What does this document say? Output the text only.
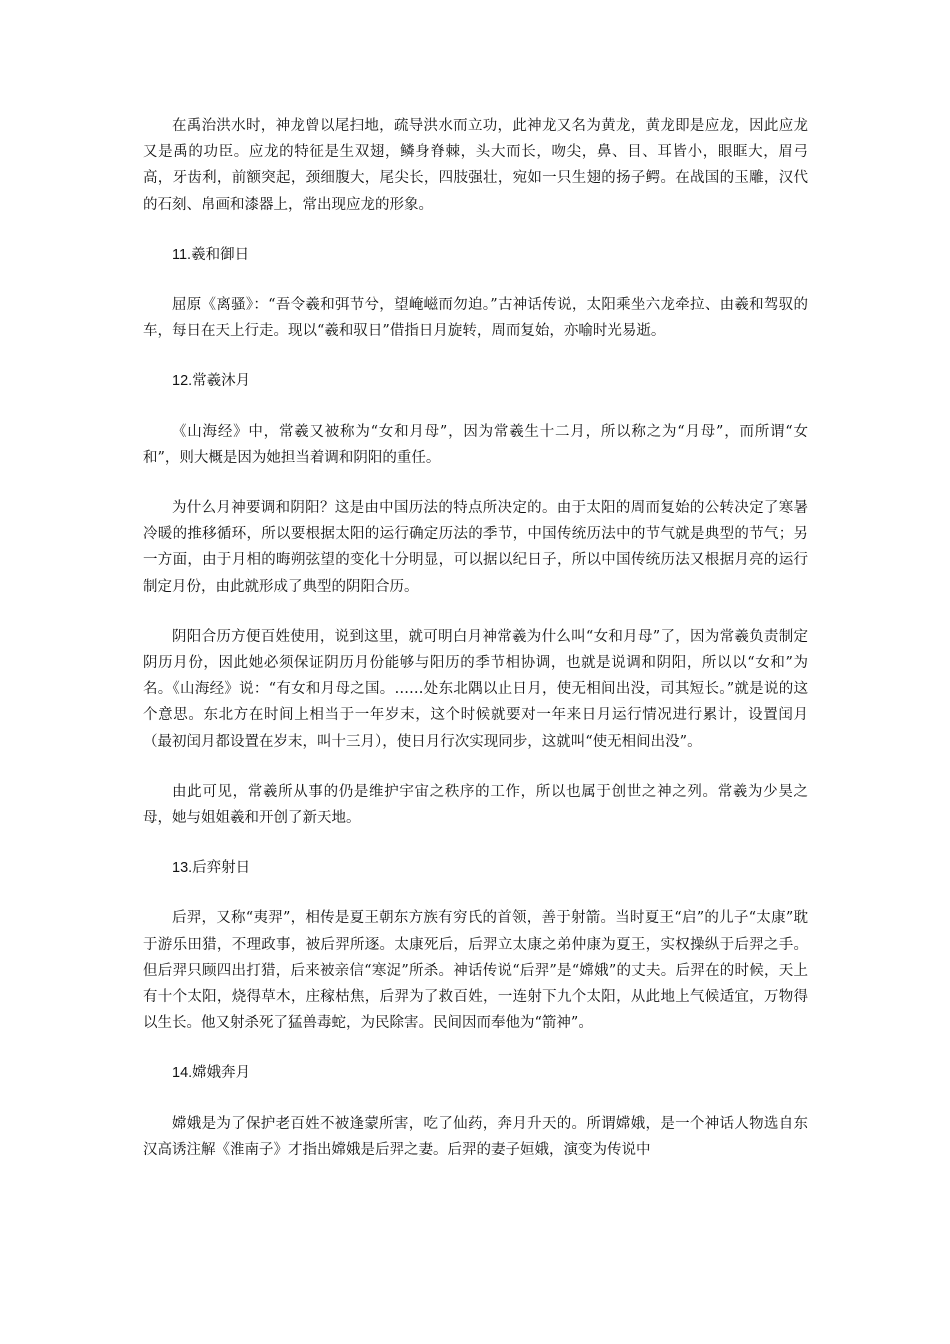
在禹治洪水时，神龙曾以尾扫地，疏导洪水而立功，此神龙又名为黄龙，黄龙即是应龙，因此应龙又是禹的功臣。应龙的特征是生双翅，鳞身脊棘，头大而长，吻尖，鼻、目、耳皆小，眼眶大，眉弓高，牙齿利，前额突起，颈细腹大，尾尖长，四肢强壮，宛如一只生翅的扬子鳄。在战国的玉雕，汉代的石刻、帛画和漆器上，常出现应龙的形象。

11.羲和御日

屈原《离骚》：“吾令羲和弭节兮，望崦嵫而勿迫。”古神话传说，太阳乘坐六龙牵拉、由羲和驾驭的车，每日在天上行走。现以“羲和驭日”借指日月旋转，周而复始，亦喻时光易逝。

12.常羲沐月

《山海经》中，常羲又被称为“女和月母”，因为常羲生十二月，所以称之为“月母”，而所谓“女和”，则大概是因为她担当着调和阴阳的重任。

为什么月神要调和阴阳？这是由中国历法的特点所决定的。由于太阳的周而复始的公转决定了寒暑冷暖的推移循环，所以要根据太阳的运行确定历法的季节，中国传统历法中的节气就是典型的节气；另一方面，由于月相的晦朔弦望的变化十分明显，可以据以纪日子，所以中国传统历法又根据月亮的运行制定月份，由此就形成了典型的阴阳合历。

阴阳合历方便百姓使用，说到这里，就可明白月神常羲为什么叫“女和月母”了，因为常羲负责制定阴历月份，因此她必须保证阴历月份能够与阳历的季节相协调，也就是说调和阴阳，所以以“女和”为名。《山海经》说：“有女和月母之国。……处东北隅以止日月，使无相间出没，司其短长。”就是说的这个意思。东北方在时间上相当于一年岁末，这个时候就要对一年来日月运行情况进行累计，设置闰月（最初闰月都设置在岁末，叫十三月），使日月行次实现同步，这就叫“使无相间出没”。

由此可见，常羲所从事的仍是维护宇宙之秩序的工作，所以也属于创世之神之列。常羲为少昊之母，她与姐姐羲和开创了新天地。

13.后弈射日

后羿，又称“夷羿”，相传是夏王朝东方族有穷氏的首领，善于射箭。当时夏王“启”的儿子“太康”耽于游乐田猎，不理政事，被后羿所逐。太康死后，后羿立太康之弟仲康为夏王，实权操纵于后羿之手。但后羿只顾四出打猎，后来被亲信“寒浞”所杀。神话传说“后羿”是“嫦娥”的丈夫。后羿在的时候，天上有十个太阳，烧得草木，庄稼枯焦，后羿为了救百姓，一连射下九个太阳，从此地上气候适宜，万物得以生长。他又射杀死了猛兽毒蛇，为民除害。民间因而奉他为“箭神”。

14.嫦娥奔月

嫦娥是为了保护老百姓不被逢蒙所害，吃了仙药，奔月升天的。所谓嫦娥，是一个神话人物选自东汉高诱注解《淮南子》才指出嫦娥是后羿之妻。后羿的妻子姮娥，演变为传说中
